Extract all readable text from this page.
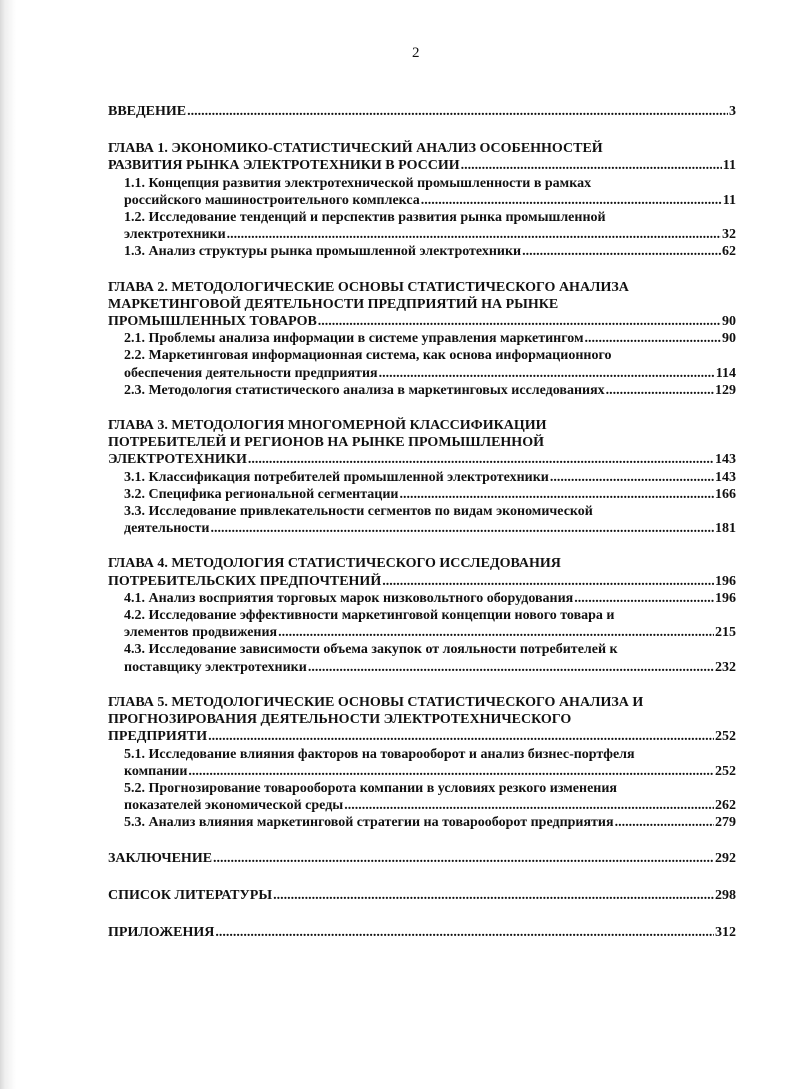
2
ВВЕДЕНИЕ .....	3
ГЛАВА 1. ЭКОНОМИКО-СТАТИСТИЧЕСКИЙ АНАЛИЗ ОСОБЕННОСТЕЙ
РАЗВИТИЯ РЫНКА ЭЛЕКТРОТЕХНИКИ В РОССИИ .....	11
1.1. Концепция развития электротехнической промышленности в рамках
российского машиностроительного комплекса .....	11
1.2. Исследование тенденций и перспектив развития рынка промышленной
электротехники .....	32
1.3. Анализ структуры рынка промышленной электротехники .....	62
ГЛАВА 2. МЕТОДОЛОГИЧЕСКИЕ ОСНОВЫ СТАТИСТИЧЕСКОГО АНАЛИЗА
МАРКЕТИНГОВОЙ ДЕЯТЕЛЬНОСТИ ПРЕДПРИЯТИЙ НА РЫНКЕ
ПРОМЫШЛЕННЫХ ТОВАРОВ .....	90
2.1. Проблемы анализа информации в системе управления маркетингом .....	90
2.2. Маркетинговая информационная система, как основа информационного
обеспечения деятельности предприятия .....	114
2.3. Методология статистического анализа в маркетинговых исследованиях .....	129
ГЛАВА 3. МЕТОДОЛОГИЯ МНОГОМЕРНОЙ КЛАССИФИКАЦИИ
ПОТРЕБИТЕЛЕЙ И РЕГИОНОВ НА РЫНКЕ ПРОМЫШЛЕННОЙ
ЭЛЕКТРОТЕХНИКИ .....	143
3.1. Классификация потребителей промышленной электротехники .....	143
3.2. Специфика региональной сегментации .....	166
3.3. Исследование привлекательности сегментов по видам экономической
деятельности .....	181
ГЛАВА 4. МЕТОДОЛОГИЯ СТАТИСТИЧЕСКОГО ИССЛЕДОВАНИЯ
ПОТРЕБИТЕЛЬСКИХ ПРЕДПОЧТЕНИЙ .....	196
4.1. Анализ восприятия торговых марок низковольтного оборудования .....	196
4.2. Исследование эффективности маркетинговой концепции нового товара и
элементов продвижения .....	215
4.3. Исследование зависимости объема закупок от лояльности потребителей к
поставщику электротехники .....	232
ГЛАВА 5. МЕТОДОЛОГИЧЕСКИЕ ОСНОВЫ СТАТИСТИЧЕСКОГО АНАЛИЗА И
ПРОГНОЗИРОВАНИЯ ДЕЯТЕЛЬНОСТИ ЭЛЕКТРОТЕХНИЧЕСКОГО
ПРЕДПРИЯТИ .....	252
5.1. Исследование влияния факторов на товарооборот и анализ бизнес-портфеля
компании .....	252
5.2. Прогнозирование товарооборота компании в условиях резкого изменения
показателей экономической среды .....	262
5.3. Анализ влияния маркетинговой стратегии на товарооборот предприятия .....	279
ЗАКЛЮЧЕНИЕ .....	292
СПИСОК ЛИТЕРАТУРЫ .....	298
ПРИЛОЖЕНИЯ .....	312
